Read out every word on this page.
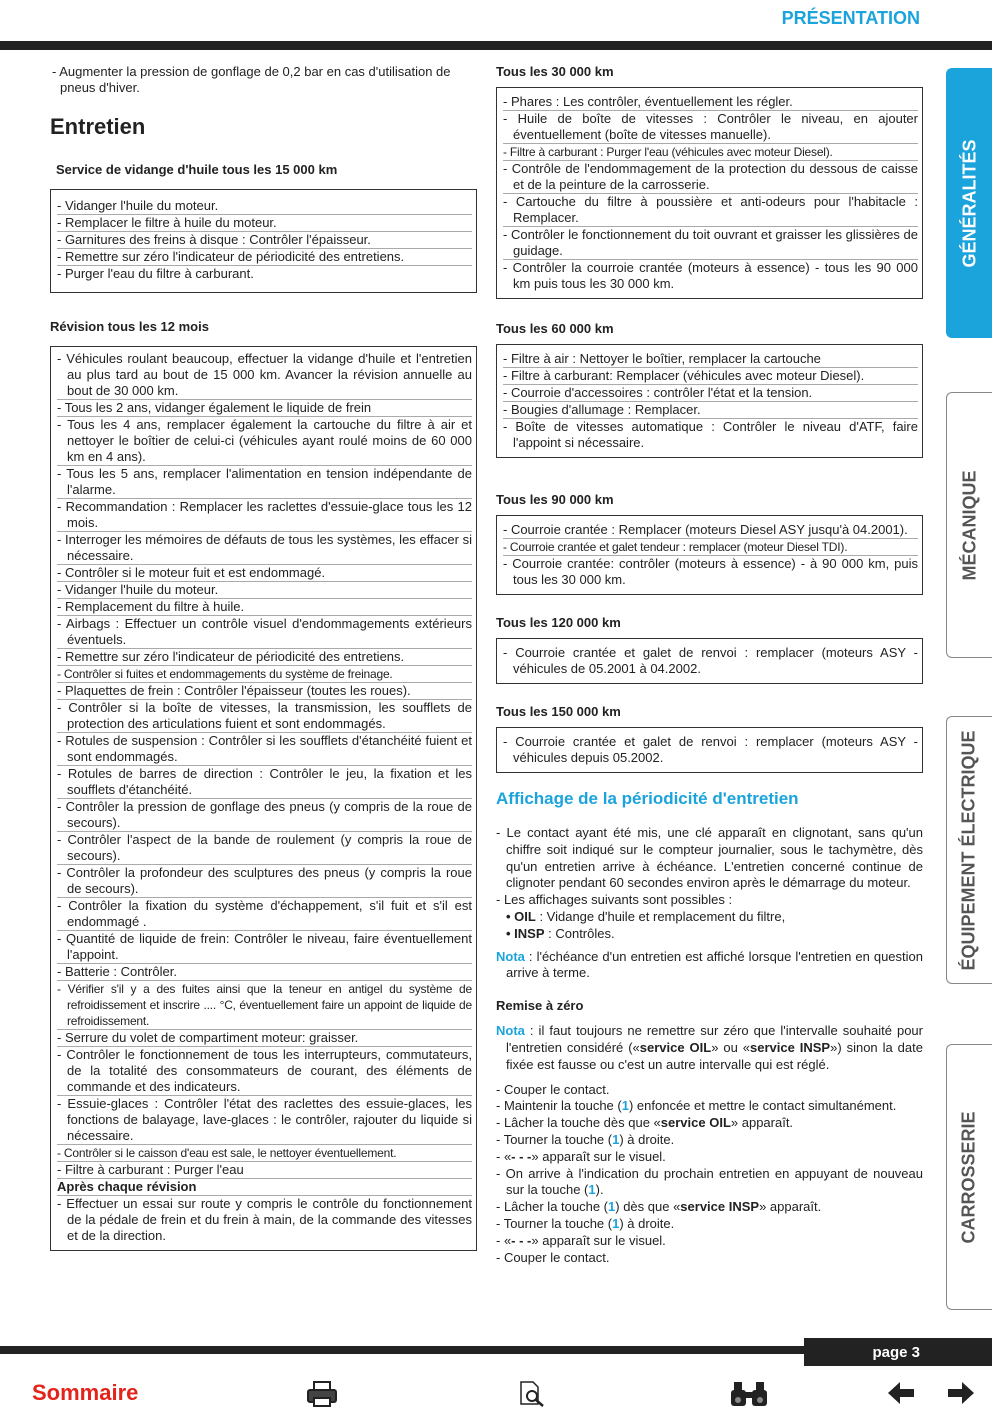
PRÉSENTATION
GÉNÉRALITÉS
MÉCANIQUE
ÉQUIPEMENT ÉLECTRIQUE
CARROSSERIE
- Augmenter la pression de gonflage de 0,2 bar en cas d'utilisation de pneus d'hiver.
Entretien
Service de vidange d'huile tous les 15 000 km
- Vidanger l'huile du moteur.
- Remplacer le filtre à huile du moteur.
- Garnitures des freins à disque : Contrôler l'épaisseur.
- Remettre sur zéro l'indicateur de périodicité des entretiens.
- Purger l'eau du filtre à carburant.
Révision tous les 12 mois
- Véhicules roulant beaucoup, effectuer la vidange d'huile et l'entretien au plus tard au bout de 15 000 km. Avancer la révision annuelle au bout de 30 000 km.
- Tous les 2 ans, vidanger également le liquide de frein
- Tous les 4 ans, remplacer également la cartouche du filtre à air et nettoyer le boîtier de celui-ci (véhicules ayant roulé moins de 60 000 km en 4 ans).
- Tous les 5 ans, remplacer l'alimentation en tension indépendante de l'alarme.
- Recommandation : Remplacer les raclettes d'essuie-glace tous les 12 mois.
- Interroger les mémoires de défauts de tous les systèmes, les effacer si nécessaire.
- Contrôler si le moteur fuit et est endommagé.
- Vidanger l'huile du moteur.
- Remplacement du filtre à huile.
- Airbags : Effectuer un contrôle visuel d'endommagements extérieurs éventuels.
- Remettre sur zéro l'indicateur de périodicité des entretiens.
- Contrôler si fuites et endommagements du système de freinage.
- Plaquettes de frein : Contrôler l'épaisseur (toutes les roues).
- Contrôler si la boîte de vitesses, la transmission, les soufflets de protection des articulations fuient et sont endommagés.
- Rotules de suspension : Contrôler si les soufflets d'étanchéité fuient et sont endommagés.
- Rotules de barres de direction : Contrôler le jeu, la fixation et les soufflets d'étanchéité.
- Contrôler la pression de gonflage des pneus (y compris de la roue de secours).
- Contrôler l'aspect de la bande de roulement (y compris la roue de secours).
- Contrôler la profondeur des sculptures des pneus (y compris la roue de secours).
- Contrôler la fixation du système d'échappement, s'il fuit et s'il est endommagé .
- Quantité de liquide de frein: Contrôler le niveau, faire éventuellement l'appoint.
- Batterie : Contrôler.
- Vérifier s'il y a des fuites ainsi que la teneur en antigel du système de refroidissement et inscrire .... °C, éventuellement faire un appoint de liquide de refroidissement.
- Serrure du volet de compartiment moteur: graisser.
- Contrôler le fonctionnement de tous les interrupteurs, commutateurs, de la totalité des consommateurs de courant, des éléments de commande et des indicateurs.
- Essuie-glaces : Contrôler l'état des raclettes des essuie-glaces, les fonctions de balayage, lave-glaces : le contrôler, rajouter du liquide si nécessaire.
- Contrôler si le caisson d'eau est sale, le nettoyer éventuellement.
- Filtre à carburant : Purger l'eau
Après chaque révision
- Effectuer un essai sur route y compris le contrôle du fonctionnement de la pédale de frein et du frein à main, de la commande des vitesses et de la direction.
Tous les 30 000 km
- Phares : Les contrôler, éventuellement les régler.
- Huile de boîte de vitesses : Contrôler le niveau, en ajouter éventuellement (boîte de vitesses manuelle).
- Filtre à carburant : Purger l'eau (véhicules avec moteur Diesel).
- Contrôle de l'endommagement de la protection du dessous de caisse et de la peinture de la carrosserie.
- Cartouche du filtre à poussière et anti-odeurs pour l'habitacle : Remplacer.
- Contrôler le fonctionnement du toit ouvrant et graisser les glissières de guidage.
- Contrôler la courroie crantée (moteurs à essence) - tous les 90 000 km puis tous les 30 000 km.
Tous les 60 000 km
- Filtre à air : Nettoyer le boîtier, remplacer la cartouche
- Filtre à carburant: Remplacer (véhicules avec moteur Diesel).
- Courroie d'accessoires : contrôler l'état et la tension.
- Bougies d'allumage : Remplacer.
- Boîte de vitesses automatique : Contrôler le niveau d'ATF, faire l'appoint si nécessaire.
Tous les 90 000 km
- Courroie crantée : Remplacer (moteurs Diesel ASY jusqu'à 04.2001).
- Courroie crantée et galet tendeur : remplacer (moteur Diesel TDI).
- Courroie crantée: contrôler (moteurs à essence) - à 90 000 km, puis tous les 30 000 km.
Tous les 120 000 km
- Courroie crantée et galet de renvoi : remplacer (moteurs ASY - véhicules de 05.2001 à 04.2002.
Tous les 150 000 km
- Courroie crantée et galet de renvoi : remplacer (moteurs ASY - véhicules depuis 05.2002.
Affichage de la périodicité d'entretien
- Le contact ayant été mis, une clé apparaît en clignotant, sans qu'un chiffre soit indiqué sur le compteur journalier, sous le tachymètre, dès qu'un entretien arrive à échéance. L'entretien concerné continue de clignoter pendant 60 secondes environ après le démarrage du moteur.
- Les affichages suivants sont possibles :
• OIL : Vidange d'huile et remplacement du filtre,
• INSP : Contrôles.
Nota : l'échéance d'un entretien est affiché lorsque l'entretien en question arrive à terme.
Remise à zéro
Nota : il faut toujours ne remettre sur zéro que l'intervalle souhaité pour l'entretien considéré («service OIL» ou «service INSP») sinon la date fixée est fausse ou c'est un autre intervalle qui est réglé.
- Couper le contact.
- Maintenir la touche (1) enfoncée et mettre le contact simultanément.
- Lâcher la touche dès que «service OIL» apparaît.
- Tourner la touche (1) à droite.
- «- - -» apparaît sur le visuel.
- On arrive à l'indication du prochain entretien en appuyant de nouveau sur la touche (1).
- Lâcher la touche (1) dès que «service INSP» apparaît.
- Tourner la touche (1) à droite.
- «- - -» apparaît sur le visuel.
- Couper le contact.
page 3
Sommaire
